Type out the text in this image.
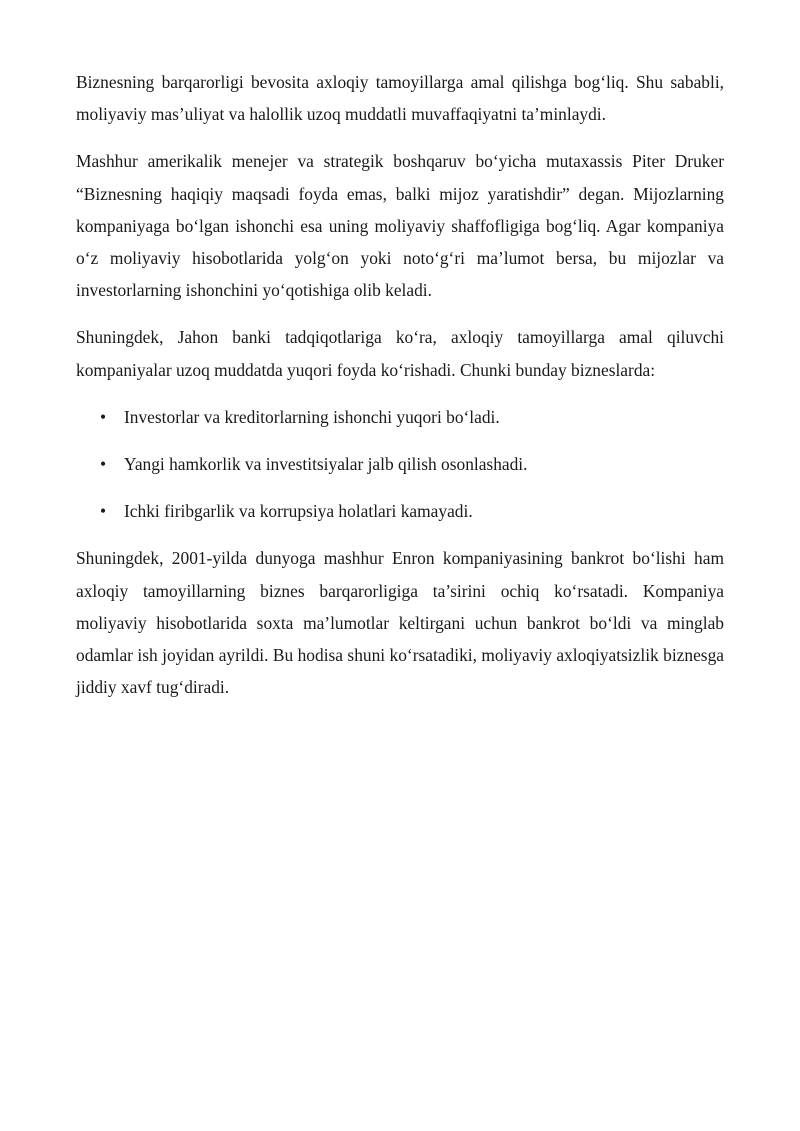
Biznesning barqarorligi bevosita axloqiy tamoyillarga amal qilishga bog‘liq. Shu sababli, moliyaviy mas’uliyat va halollik uzoq muddatli muvaffaqiyatni ta’minlaydi.

Mashhur amerikalik menejer va strategik boshqaruv bo‘yicha mutaxassis Piter Druker “Biznesning haqiqiy maqsadi foyda emas, balki mijoz yaratishdir” degan. Mijozlarning kompaniyaga bo‘lgan ishonchi esa uning moliyaviy shaffofligiga bog‘liq. Agar kompaniya o‘z moliyaviy hisobotlarida yolg‘on yoki noto‘g‘ri ma’lumot bersa, bu mijozlar va investorlarning ishonchini yo‘qotishiga olib keladi.

Shuningdek, Jahon banki tadqiqotlariga ko‘ra, axloqiy tamoyillarga amal qiluvchi kompaniyalar uzoq muddatda yuqori foyda ko‘rishadi. Chunki bunday bizneslarda:

• Investorlar va kreditorlarning ishonchi yuqori bo‘ladi.
• Yangi hamkorlik va investitsiyalar jalb qilish osonlashadi.
• Ichki firibgarlik va korrupsiya holatlari kamayadi.

Shuningdek, 2001-yilda dunyoga mashhur Enron kompaniyasining bankrot bo‘lishi ham axloqiy tamoyillarning biznes barqarorligiga ta’sirini ochiq ko‘rsatadi. Kompaniya moliyaviy hisobotlarida soxta ma’lumotlar keltirgani uchun bankrot bo‘ldi va minglab odamlar ish joyidan ayrildi. Bu hodisa shuni ko‘rsatadiki, moliyaviy axloqiyatsizlik biznesga jiddiy xavf tug‘diradi.
